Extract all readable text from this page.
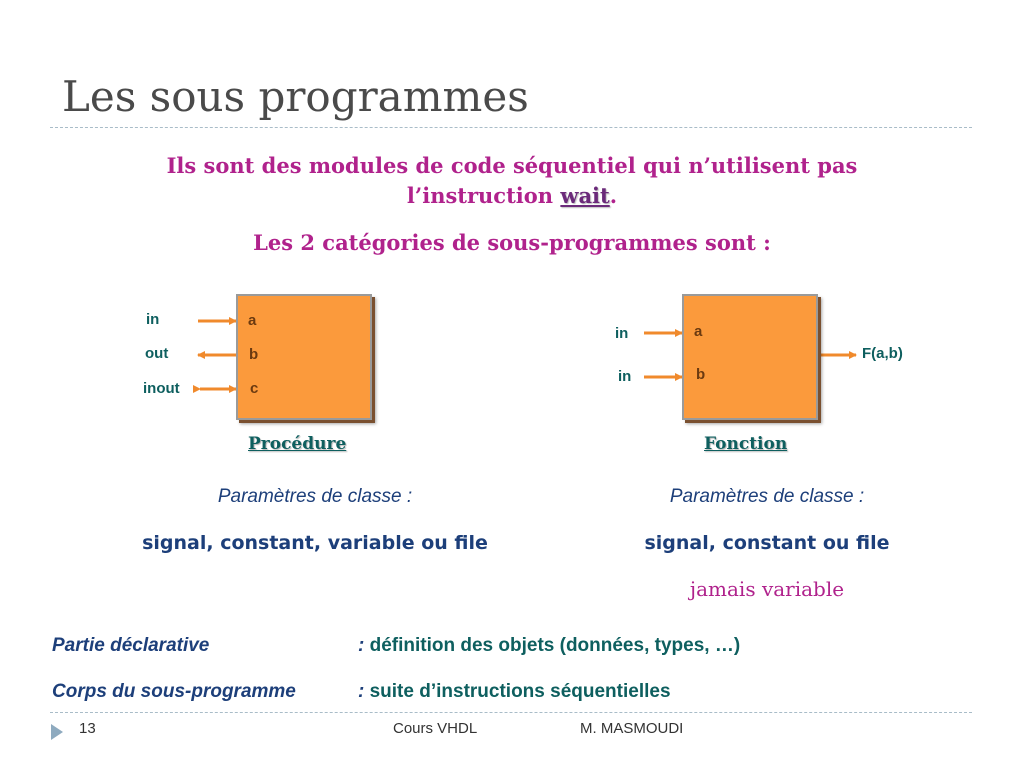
Les sous programmes
Ils sont des modules de code séquentiel qui n’utilisent pas
l’instruction wait.
Les 2 catégories de sous-programmes sont :
in
out
inout
a
b
c
Procédure
in
in
a
b
F(a,b)
Fonction
Paramètres de classe :
signal, constant, variable ou file
Paramètres de classe :
signal, constant ou file
jamais variable
Partie déclarative	: définition des objets (données, types, …)
Corps du sous-programme	: suite d’instructions séquentielles
13	Cours VHDL	M. MASMOUDI
